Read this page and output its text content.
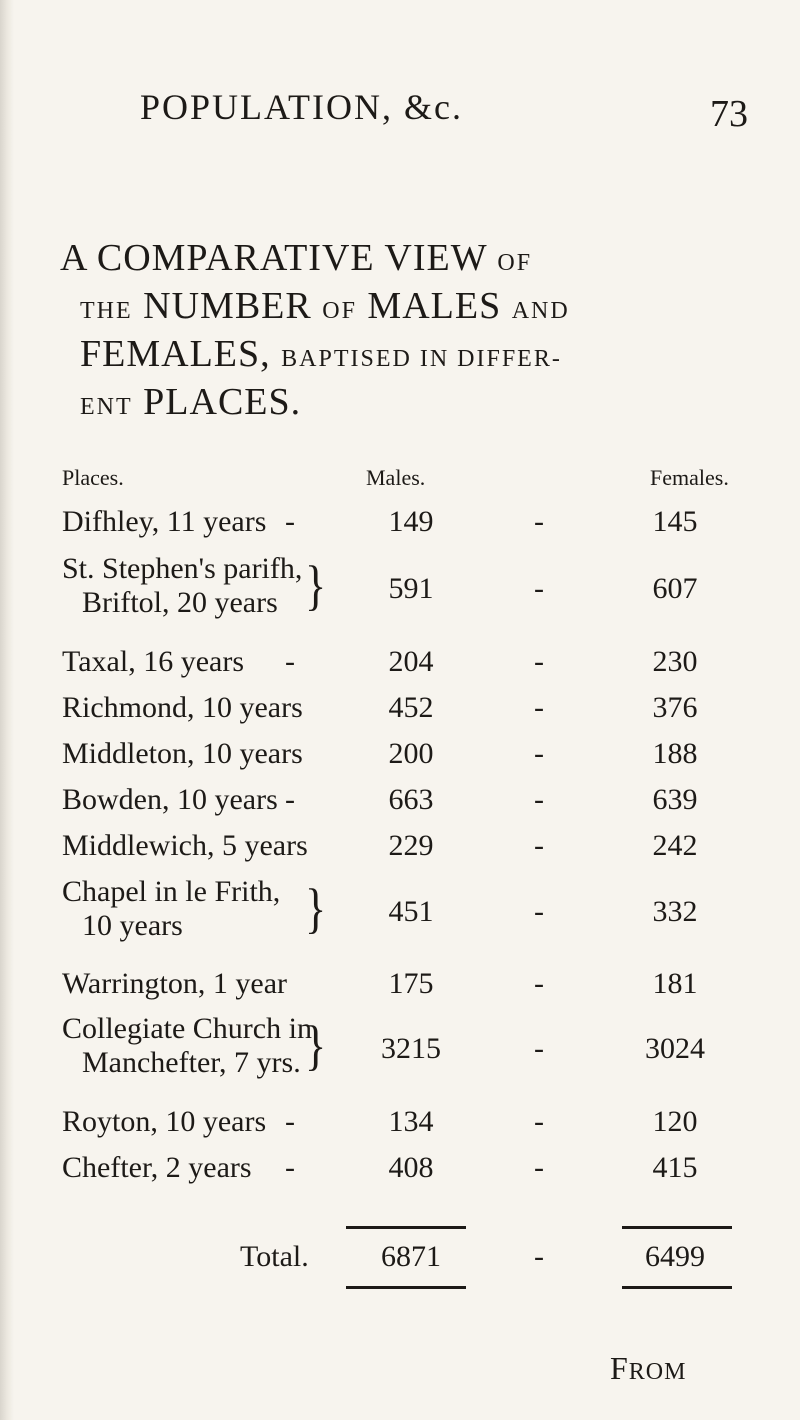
POPULATION, &c.	73
A COMPARATIVE VIEW OF
THE NUMBER OF MALES AND
FEMALES, BAPTISED IN DIFFER-
ENT PLACES.
Places.	Males.	Females.
Difhley, 11 years -	149	-	145
St. Stephen's parifh,
Briftol, 20 years }	591	-	607
Taxal, 16 years -	204	-	230
Richmond, 10 years	452	-	376
Middleton, 10 years	200	-	188
Bowden, 10 years -	663	-	639
Middlewich, 5 years	229	-	242
Chapel in le Frith,
10 years	}	451	-	332
Warrington, 1 year	175	-	181
Collegiate Church in
Manchefter, 7 yrs. }	3215	-	3024
Royton, 10 years -	134	-	120
Chefter, 2 years -	408	-	415
Total.	6871	-	6499
FROM
